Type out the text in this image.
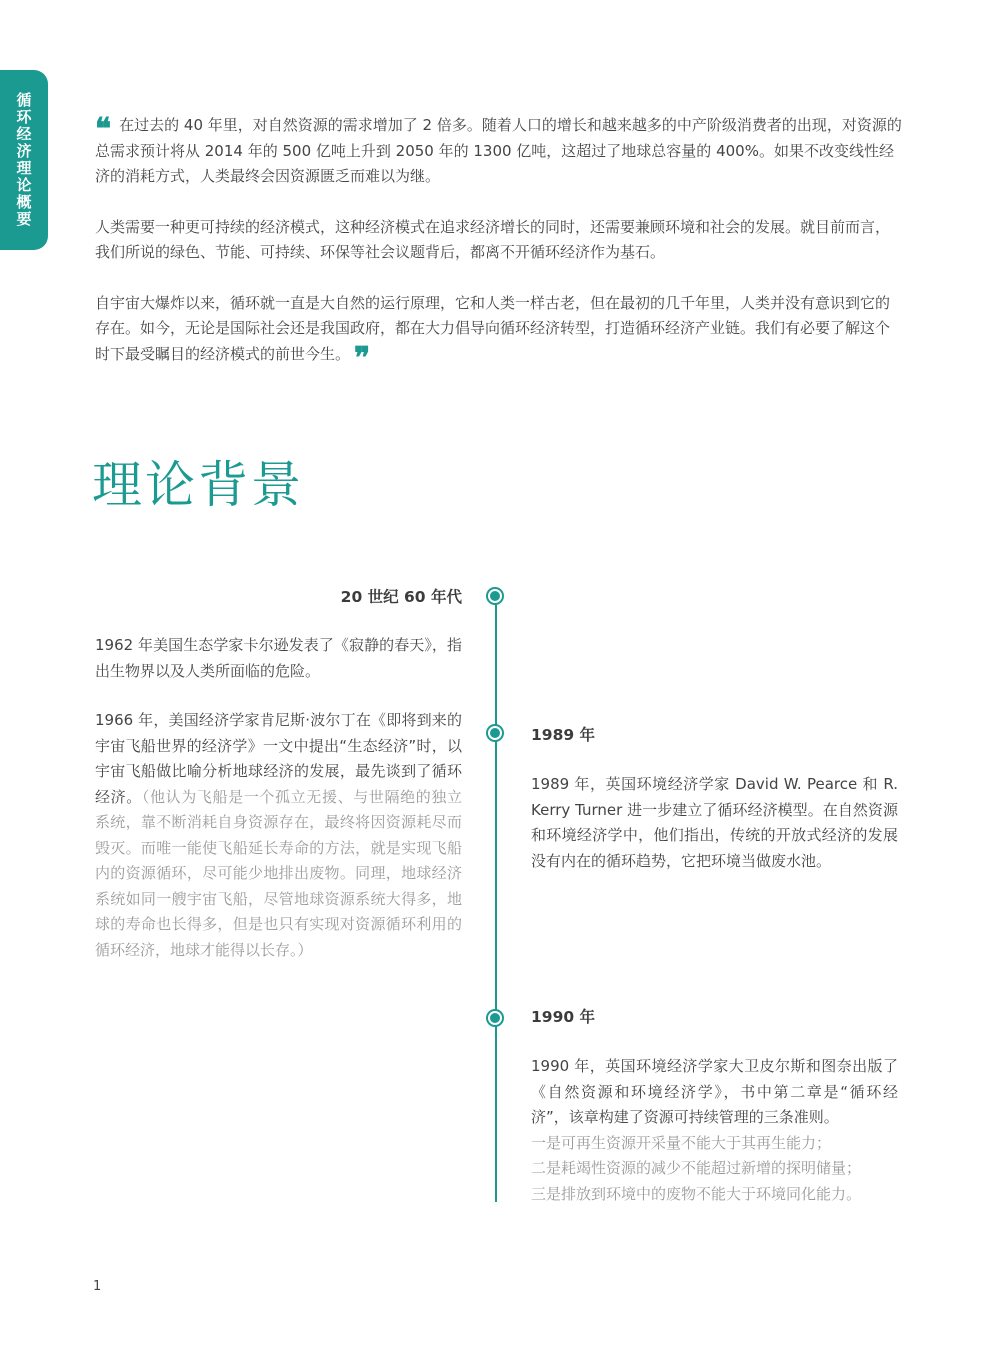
循环经济理论概要 ❝ 在过去的 40 年里，对自然资源的需求增加了 2 倍多。随着人口的增长和越来越多的中产阶级消费者的出现，对资源的总需求预计将从 2014 年的 500 亿吨上升到 2050 年的 1300 亿吨，这超过了地球总容量的 400%。如果不改变线性经济的消耗方式，人类最终会因资源匮乏而难以为继。

人类需要一种更可持续的经济模式，这种经济模式在追求经济增长的同时，还需要兼顾环境和社会的发展。就目前而言，我们所说的绿色、节能、可持续、环保等社会议题背后，都离不开循环经济作为基石。

自宇宙大爆炸以来，循环就一直是大自然的运行原理，它和人类一样古老，但在最初的几千年里，人类并没有意识到它的存在。如今，无论是国际社会还是我国政府，都在大力倡导向循环经济转型，打造循环经济产业链。我们有必要了解这个时下最受瞩目的经济模式的前世今生。 ❞

理论背景
20 世纪 60 年代

1962 年美国生态学家卡尔逊发表了《寂静的春天》，指出生物界以及人类所面临的危险。

1966 年，美国经济学家肯尼斯·波尔丁在《即将到来的宇宙飞船世界的经济学》一文中提出“生态经济”时，以宇宙飞船做比喻分析地球经济的发展，最先谈到了循环经济。（他认为飞船是一个孤立无援、与世隔绝的独立系统，靠不断消耗自身资源存在，最终将因资源耗尽而毁灭。而唯一能使飞船延长寿命的方法，就是实现飞船内的资源循环，尽可能少地排出废物。同理，地球经济系统如同一艘宇宙飞船，尽管地球资源系统大得多，地球的寿命也长得多，但是也只有实现对资源循环利用的循环经济，地球才能得以长存。）

1989 年

1989 年，英国环境经济学家 David W. Pearce 和 R. Kerry Turner 进一步建立了循环经济模型。在自然资源和环境经济学中，他们指出，传统的开放式经济的发展没有内在的循环趋势，它把环境当做废水池。

1990 年
1990 年，英国环境经济学家大卫皮尔斯和图奈出版了《自然资源和环境经济学》，书中第二章是“循环经济”，该章构建了资源可持续管理的三条准则。
一是可再生资源开采量不能大于其再生能力；
二是耗竭性资源的减少不能超过新增的探明储量；
三是排放到环境中的废物不能大于环境同化能力。
1
